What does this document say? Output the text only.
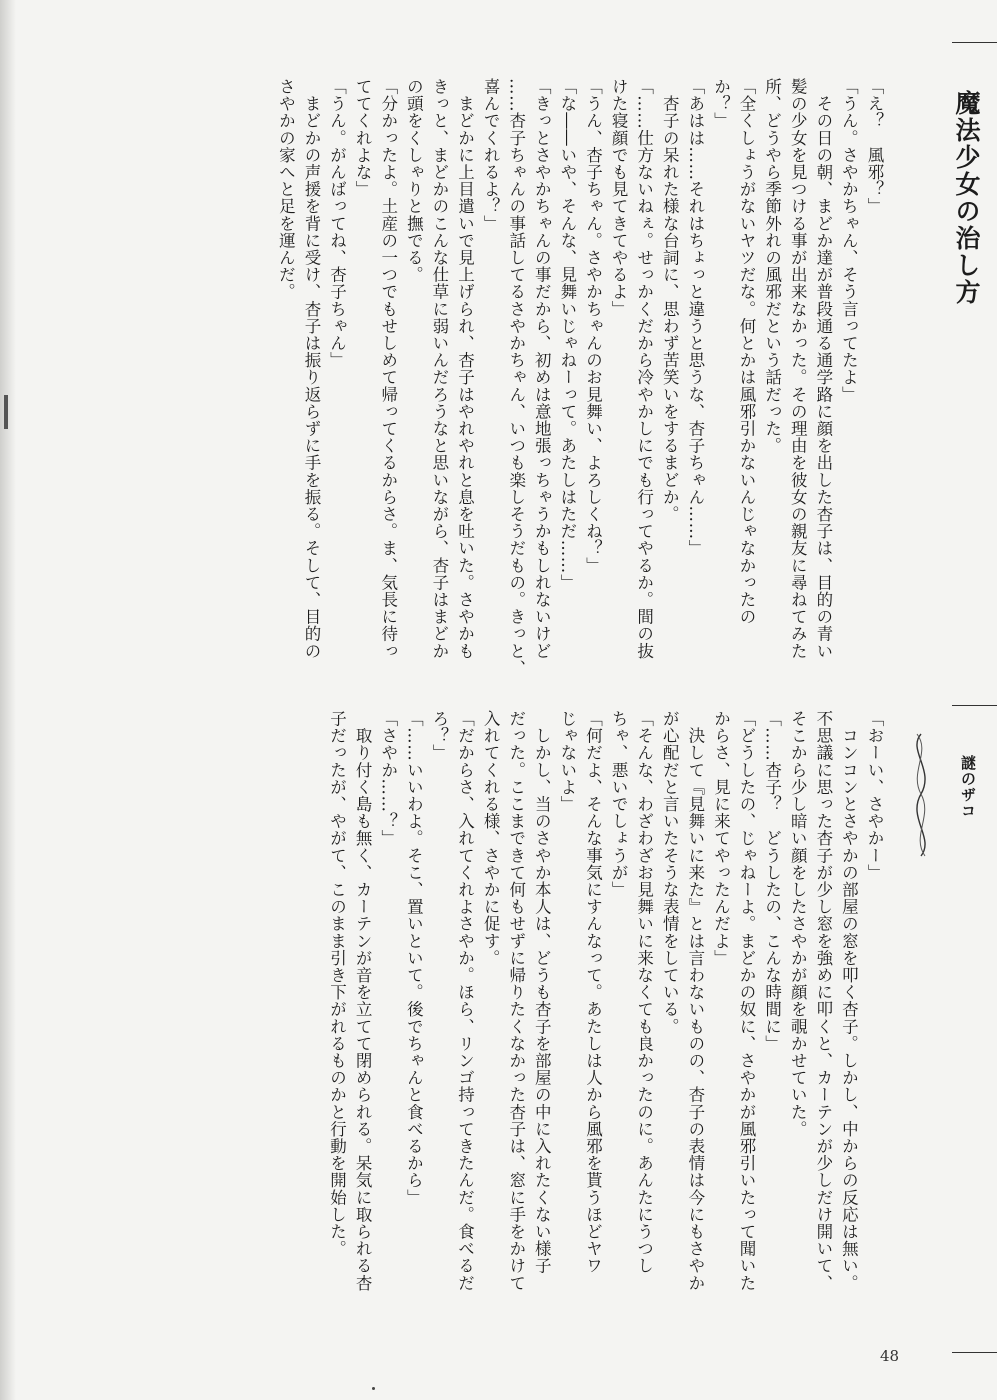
魔法少女の治し方
謎のザコ

「え？　風邪？」

「うん。さやかちゃん、そう言ってたよ」

　その日の朝、まどか達が普段通る通学路に顔を出した杏子は、目的の青い

髪の少女を見つける事が出来なかった。その理由を彼女の親友に尋ねてみた

所、どうやら季節外れの風邪だという話だった。

「全くしょうがないヤツだな。何とかは風邪引かないんじゃなかったの

か？」

「あはは……それはちょっと違うと思うな、杏子ちゃん……」

　杏子の呆れた様な台詞に、思わず苦笑いをするまどか。

「……仕方ないねぇ。せっかくだから冷やかしにでも行ってやるか。間の抜

けた寝顔でも見てきてやるよ」

「うん、杏子ちゃん。さやかちゃんのお見舞い、よろしくね？」

「な――いや、そんな、見舞いじゃねーって。あたしはただ……」

「きっとさやかちゃんの事だから、初めは意地張っちゃうかもしれないけど

……杏子ちゃんの事話してるさやかちゃん、いつも楽しそうだもの。きっと、

喜んでくれるよ？」

　まどかに上目遣いで見上げられ、杏子はやれやれと息を吐いた。さやかも

きっと、まどかのこんな仕草に弱いんだろうなと思いながら、杏子はまどか

の頭をくしゃりと撫でる。

「分かったよ。土産の一つでもせしめて帰ってくるからさ。ま、気長に待っ

ててくれよな」

「うん。がんばってね、杏子ちゃん」

　まどかの声援を背に受け、杏子は振り返らずに手を振る。そして、目的の

さやかの家へと足を運んだ。

「おーい、さやかー」

　コンコンとさやかの部屋の窓を叩く杏子。しかし、中からの反応は無い。

不思議に思った杏子が少し窓を強めに叩くと、カーテンが少しだけ開いて、

そこから少し暗い顔をしたさやかが顔を覗かせていた。

「……杏子？　どうしたの、こんな時間に」

「どうしたの、じゃねーよ。まどかの奴に、さやかが風邪引いたって聞いた

からさ、見に来てやったんだよ」

　決して『見舞いに来た』とは言わないものの、杏子の表情は今にもさやか

が心配だと言いたそうな表情をしている。

「そんな、わざわざお見舞いに来なくても良かったのに。あんたにうつし

ちゃ、悪いでしょうが」

「何だよ、そんな事気にすんなって。あたしは人から風邪を貰うほどヤワ

じゃないよ」

　しかし、当のさやか本人は、どうも杏子を部屋の中に入れたくない様子

だった。ここまできて何もせずに帰りたくなかった杏子は、窓に手をかけて

入れてくれる様、さやかに促す。

「だからさ、入れてくれよさやか。ほら、リンゴ持ってきたんだ。食べるだ

ろ？」

「……いいわよ。そこ、置いといて。後でちゃんと食べるから」

「さやか……？」

　取り付く島も無く、カーテンが音を立てて閉められる。呆気に取られる杏

子だったが、やがて、このまま引き下がれるものかと行動を開始した。

48
